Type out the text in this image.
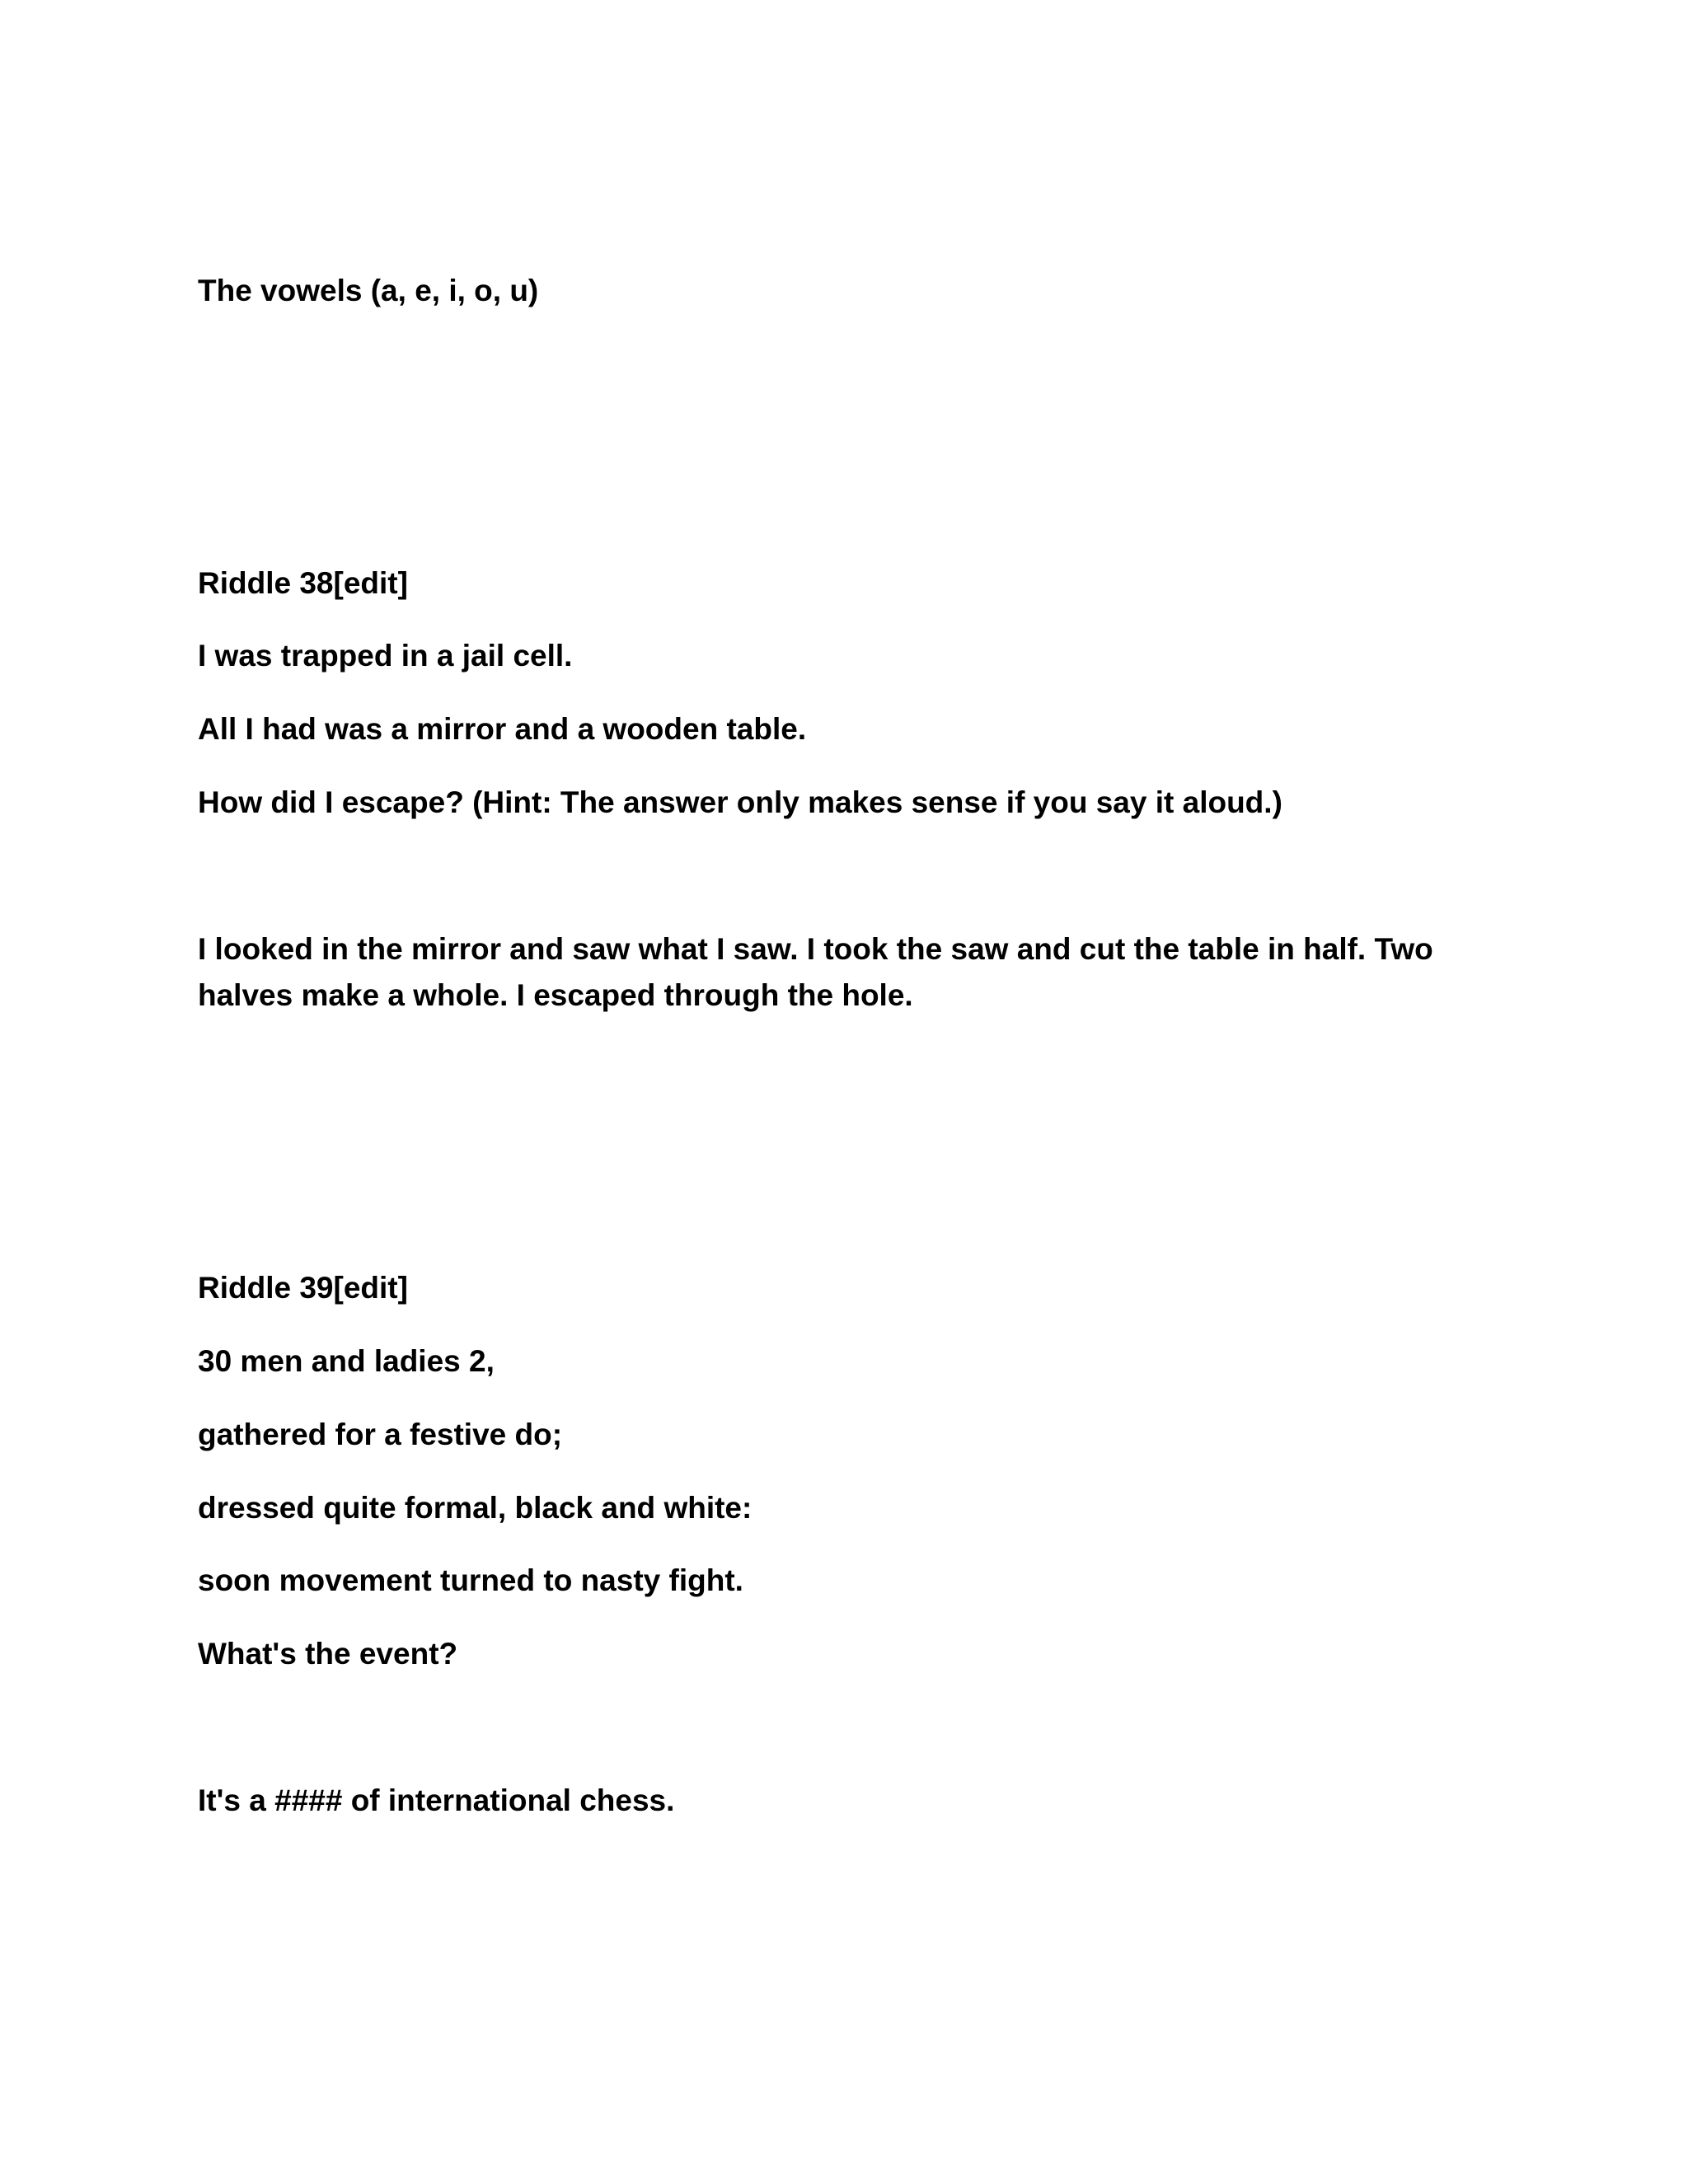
The vowels (a, e, i, o, u)

Riddle 38[edit]

I was trapped in a jail cell.

All I had was a mirror and a wooden table.

How did I escape? (Hint: The answer only makes sense if you say it aloud.)

I looked in the mirror and saw what I saw. I took the saw and cut the table in half. Two halves make a whole. I escaped through the hole.

Riddle 39[edit]

30 men and ladies 2,

gathered for a festive do;

dressed quite formal, black and white:

soon movement turned to nasty fight.

What's the event?

It's a #### of international chess.
